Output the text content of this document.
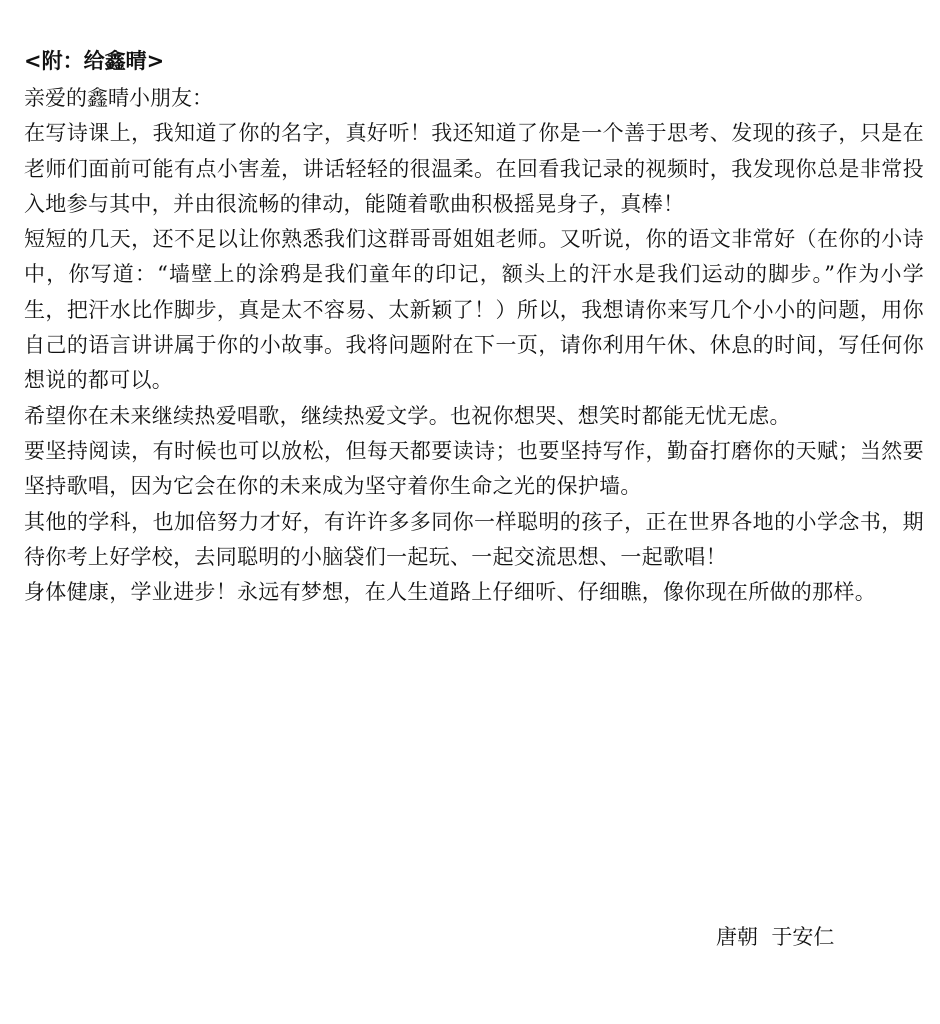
<附：给鑫晴>

亲爱的鑫晴小朋友：

在写诗课上，我知道了你的名字，真好听！我还知道了你是一个善于思考、发现的孩子，只是在老师们面前可能有点小害羞，讲话轻轻的很温柔。在回看我记录的视频时，我发现你总是非常投入地参与其中，并由很流畅的律动，能随着歌曲积极摇晃身子，真棒！

短短的几天，还不足以让你熟悉我们这群哥哥姐姐老师。又听说，你的语文非常好（在你的小诗中，你写道：“墙壁上的涂鸦是我们童年的印记，额头上的汗水是我们运动的脚步。”作为小学生，把汗水比作脚步，真是太不容易、太新颖了！）所以，我想请你来写几个小小的问题，用你自己的语言讲讲属于你的小故事。我将问题附在下一页，请你利用午休、休息的时间，写任何你想说的都可以。

希望你在未来继续热爱唱歌，继续热爱文学。也祝你想哭、想笑时都能无忧无虑。

要坚持阅读，有时候也可以放松，但每天都要读诗；也要坚持写作，勤奋打磨你的天赋；当然要坚持歌唱，因为它会在你的未来成为坚守着你生命之光的保护墙。

其他的学科，也加倍努力才好，有许许多多同你一样聪明的孩子，正在世界各地的小学念书，期待你考上好学校，去同聪明的小脑袋们一起玩、一起交流思想、一起歌唱！

身体健康，学业进步！永远有梦想，在人生道路上仔细听、仔细瞧，像你现在所做的那样。

唐朝  于安仁
